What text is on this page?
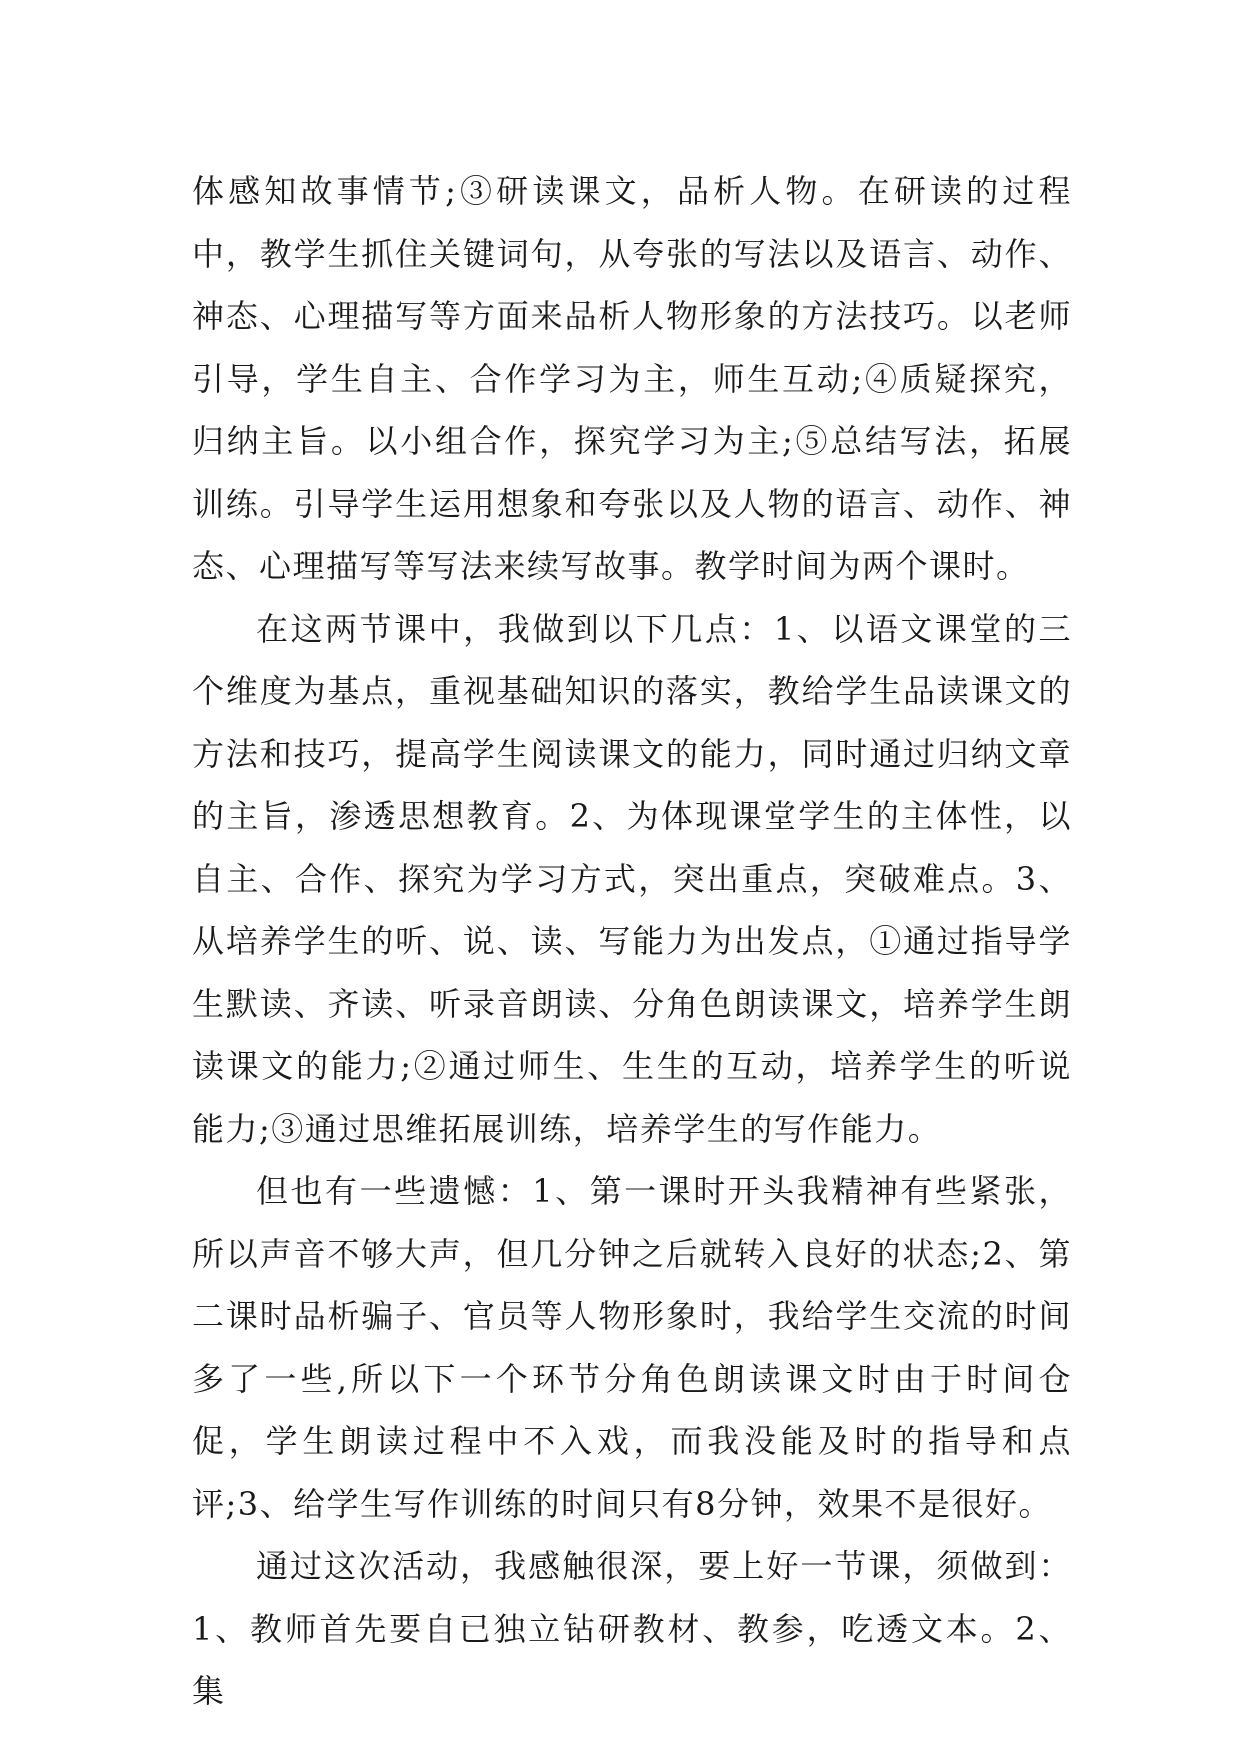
体感知故事情节;③研读课文，品析人物。在研读的过程中，教学生抓住关键词句，从夸张的写法以及语言、动作、神态、心理描写等方面来品析人物形象的方法技巧。以老师引导，学生自主、合作学习为主，师生互动;④质疑探究，归纳主旨。以小组合作，探究学习为主;⑤总结写法，拓展训练。引导学生运用想象和夸张以及人物的语言、动作、神态、心理描写等写法来续写故事。教学时间为两个课时。

在这两节课中，我做到以下几点：1、以语文课堂的三个维度为基点，重视基础知识的落实，教给学生品读课文的方法和技巧，提高学生阅读课文的能力，同时通过归纳文章的主旨，渗透思想教育。2、为体现课堂学生的主体性，以自主、合作、探究为学习方式，突出重点，突破难点。3、从培养学生的听、说、读、写能力为出发点，①通过指导学生默读、齐读、听录音朗读、分角色朗读课文，培养学生朗读课文的能力;②通过师生、生生的互动，培养学生的听说能力;③通过思维拓展训练，培养学生的写作能力。

但也有一些遗憾：1、第一课时开头我精神有些紧张，所以声音不够大声，但几分钟之后就转入良好的状态;2、第二课时品析骗子、官员等人物形象时，我给学生交流的时间多了一些,所以下一个环节分角色朗读课文时由于时间仓促，学生朗读过程中不入戏，而我没能及时的指导和点评;3、给学生写作训练的时间只有8分钟，效果不是很好。

通过这次活动，我感触很深，要上好一节课，须做到：1、教师首先要自已独立钻研教材、教参，吃透文本。2、集
